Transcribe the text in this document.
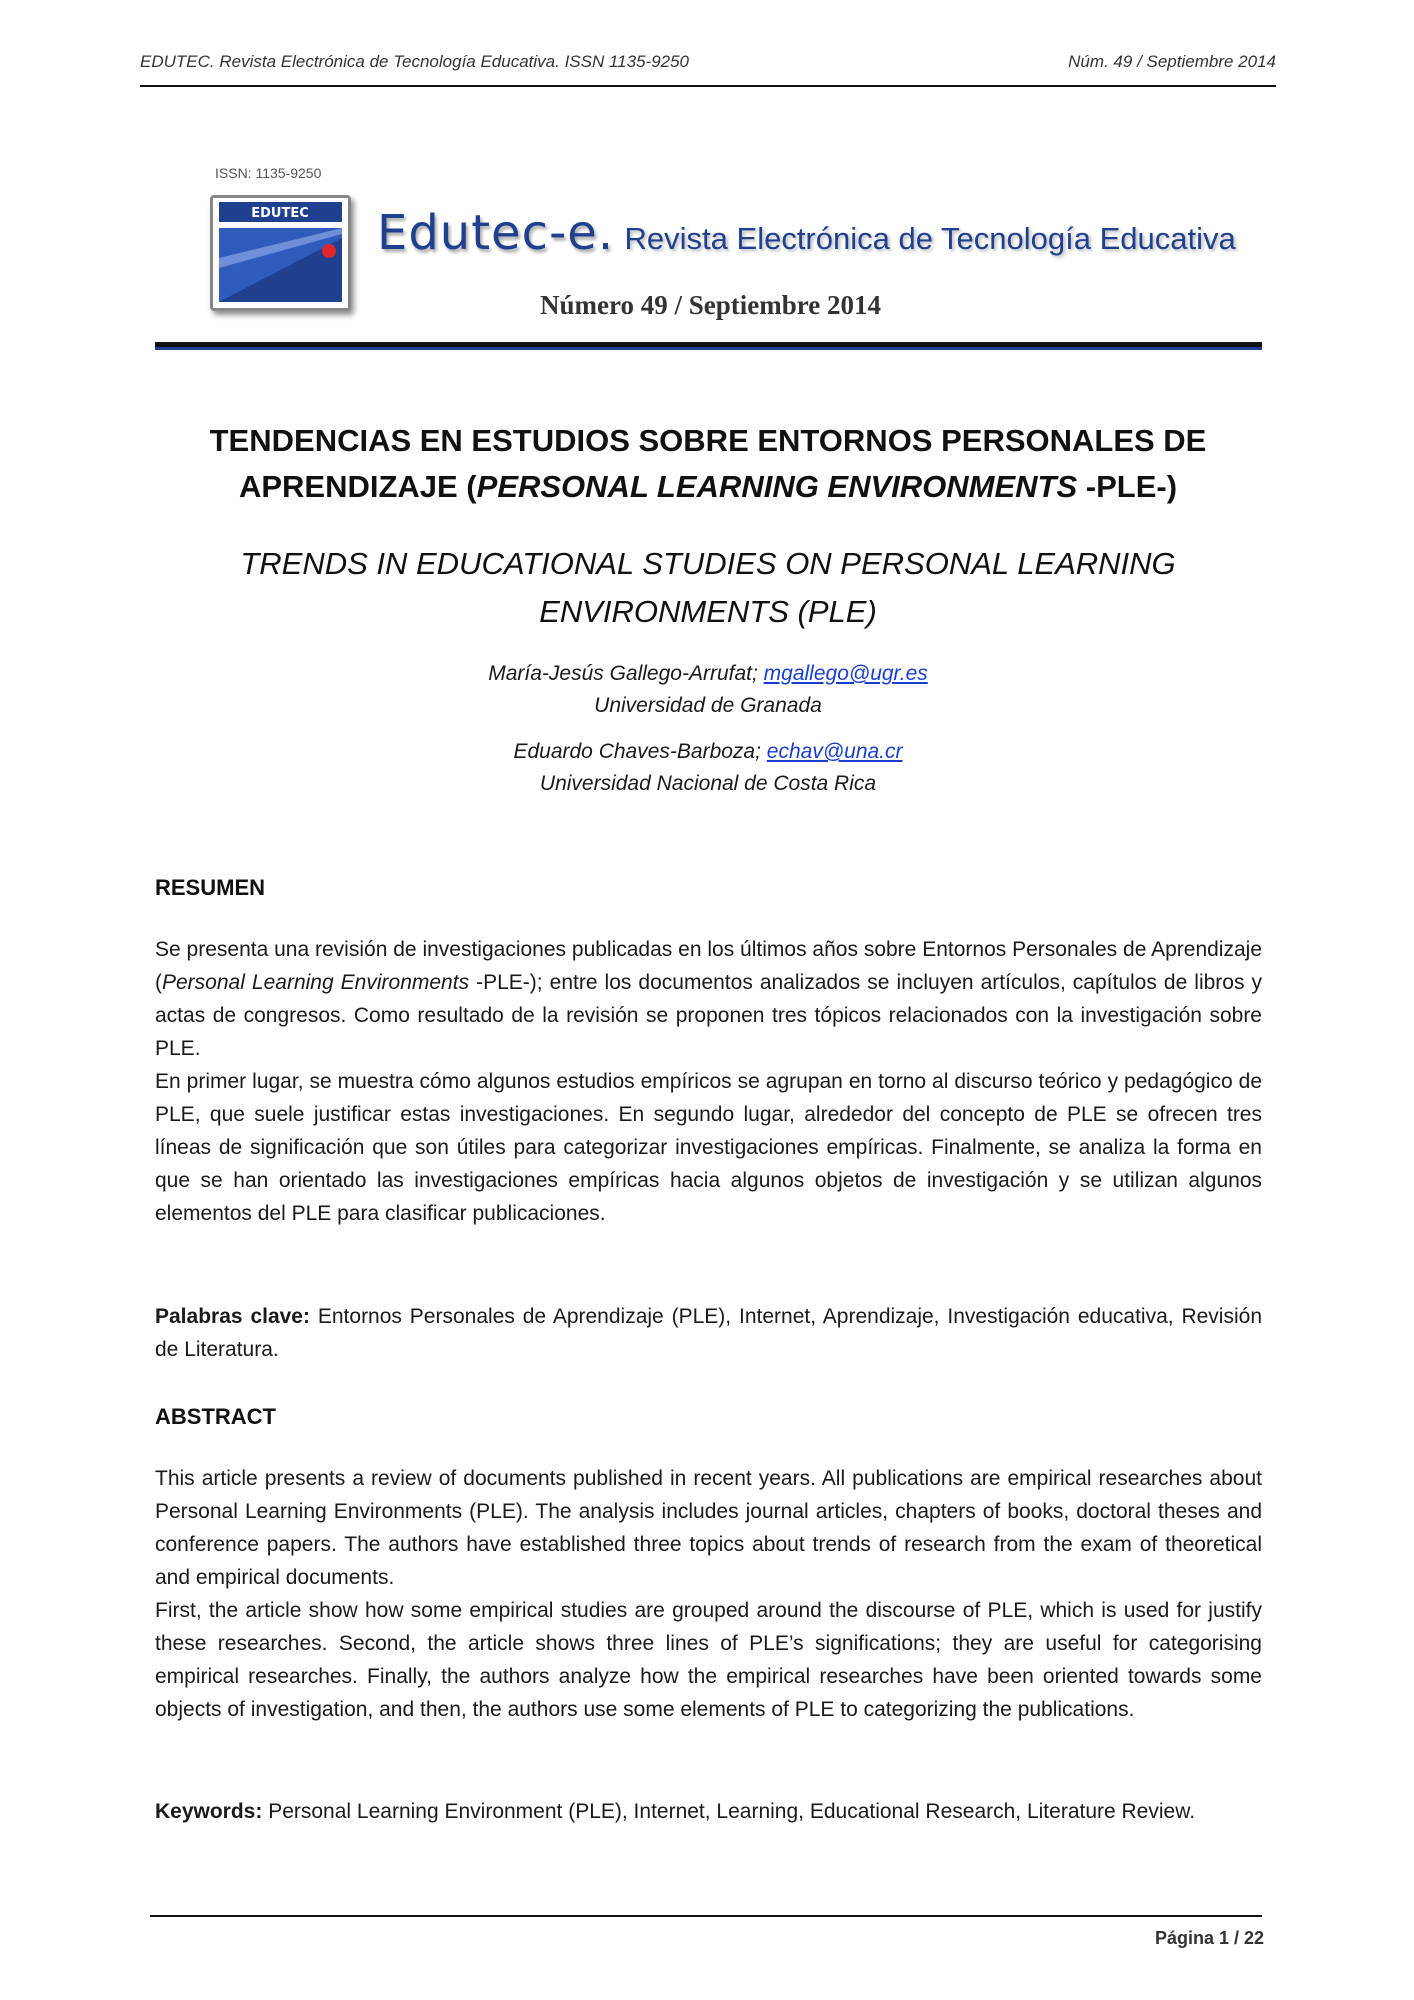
EDUTEC. Revista Electrónica de Tecnología Educativa. ISSN 1135-9250	Núm. 49 / Septiembre 2014
ISSN: 1135-9250
EDUTEC Edutec-e. Revista Electrónica de Tecnología Educativa
Número 49 / Septiembre 2014
TENDENCIAS EN ESTUDIOS SOBRE ENTORNOS PERSONALES DE
APRENDIZAJE (PERSONAL LEARNING ENVIRONMENTS -PLE-)
TRENDS IN EDUCATIONAL STUDIES ON PERSONAL LEARNING
ENVIRONMENTS (PLE)
María-Jesús Gallego-Arrufat; mgallego@ugr.es
Universidad de Granada
Eduardo Chaves-Barboza; echav@una.cr
Universidad Nacional de Costa Rica
RESUMEN

Se presenta una revisión de investigaciones publicadas en los últimos años sobre Entornos Personales de Aprendizaje (Personal Learning Environments -PLE-); entre los documentos analizados se incluyen artículos, capítulos de libros y actas de congresos. Como resultado de la revisión se proponen tres tópicos relacionados con la investigación sobre PLE.

En primer lugar, se muestra cómo algunos estudios empíricos se agrupan en torno al discurso teórico y pedagógico de PLE, que suele justificar estas investigaciones. En segundo lugar, alrededor del concepto de PLE se ofrecen tres líneas de significación que son útiles para categorizar investigaciones empíricas. Finalmente, se analiza la forma en que se han orientado las investigaciones empíricas hacia algunos objetos de investigación y se utilizan algunos elementos del PLE para clasificar publicaciones.

Palabras clave: Entornos Personales de Aprendizaje (PLE), Internet, Aprendizaje, Investigación educativa, Revisión de Literatura.

ABSTRACT

This article presents a review of documents published in recent years. All publications are empirical researches about Personal Learning Environments (PLE). The analysis includes journal articles, chapters of books, doctoral theses and conference papers. The authors have established three topics about trends of research from the exam of theoretical and empirical documents.

First, the article show how some empirical studies are grouped around the discourse of PLE, which is used for justify these researches. Second, the article shows three lines of PLE’s significations; they are useful for categorising empirical researches. Finally, the authors analyze how the empirical researches have been oriented towards some objects of investigation, and then, the authors use some elements of PLE to categorizing the publications.

Keywords: Personal Learning Environment (PLE), Internet, Learning, Educational Research, Literature Review.

Página 1 / 22
